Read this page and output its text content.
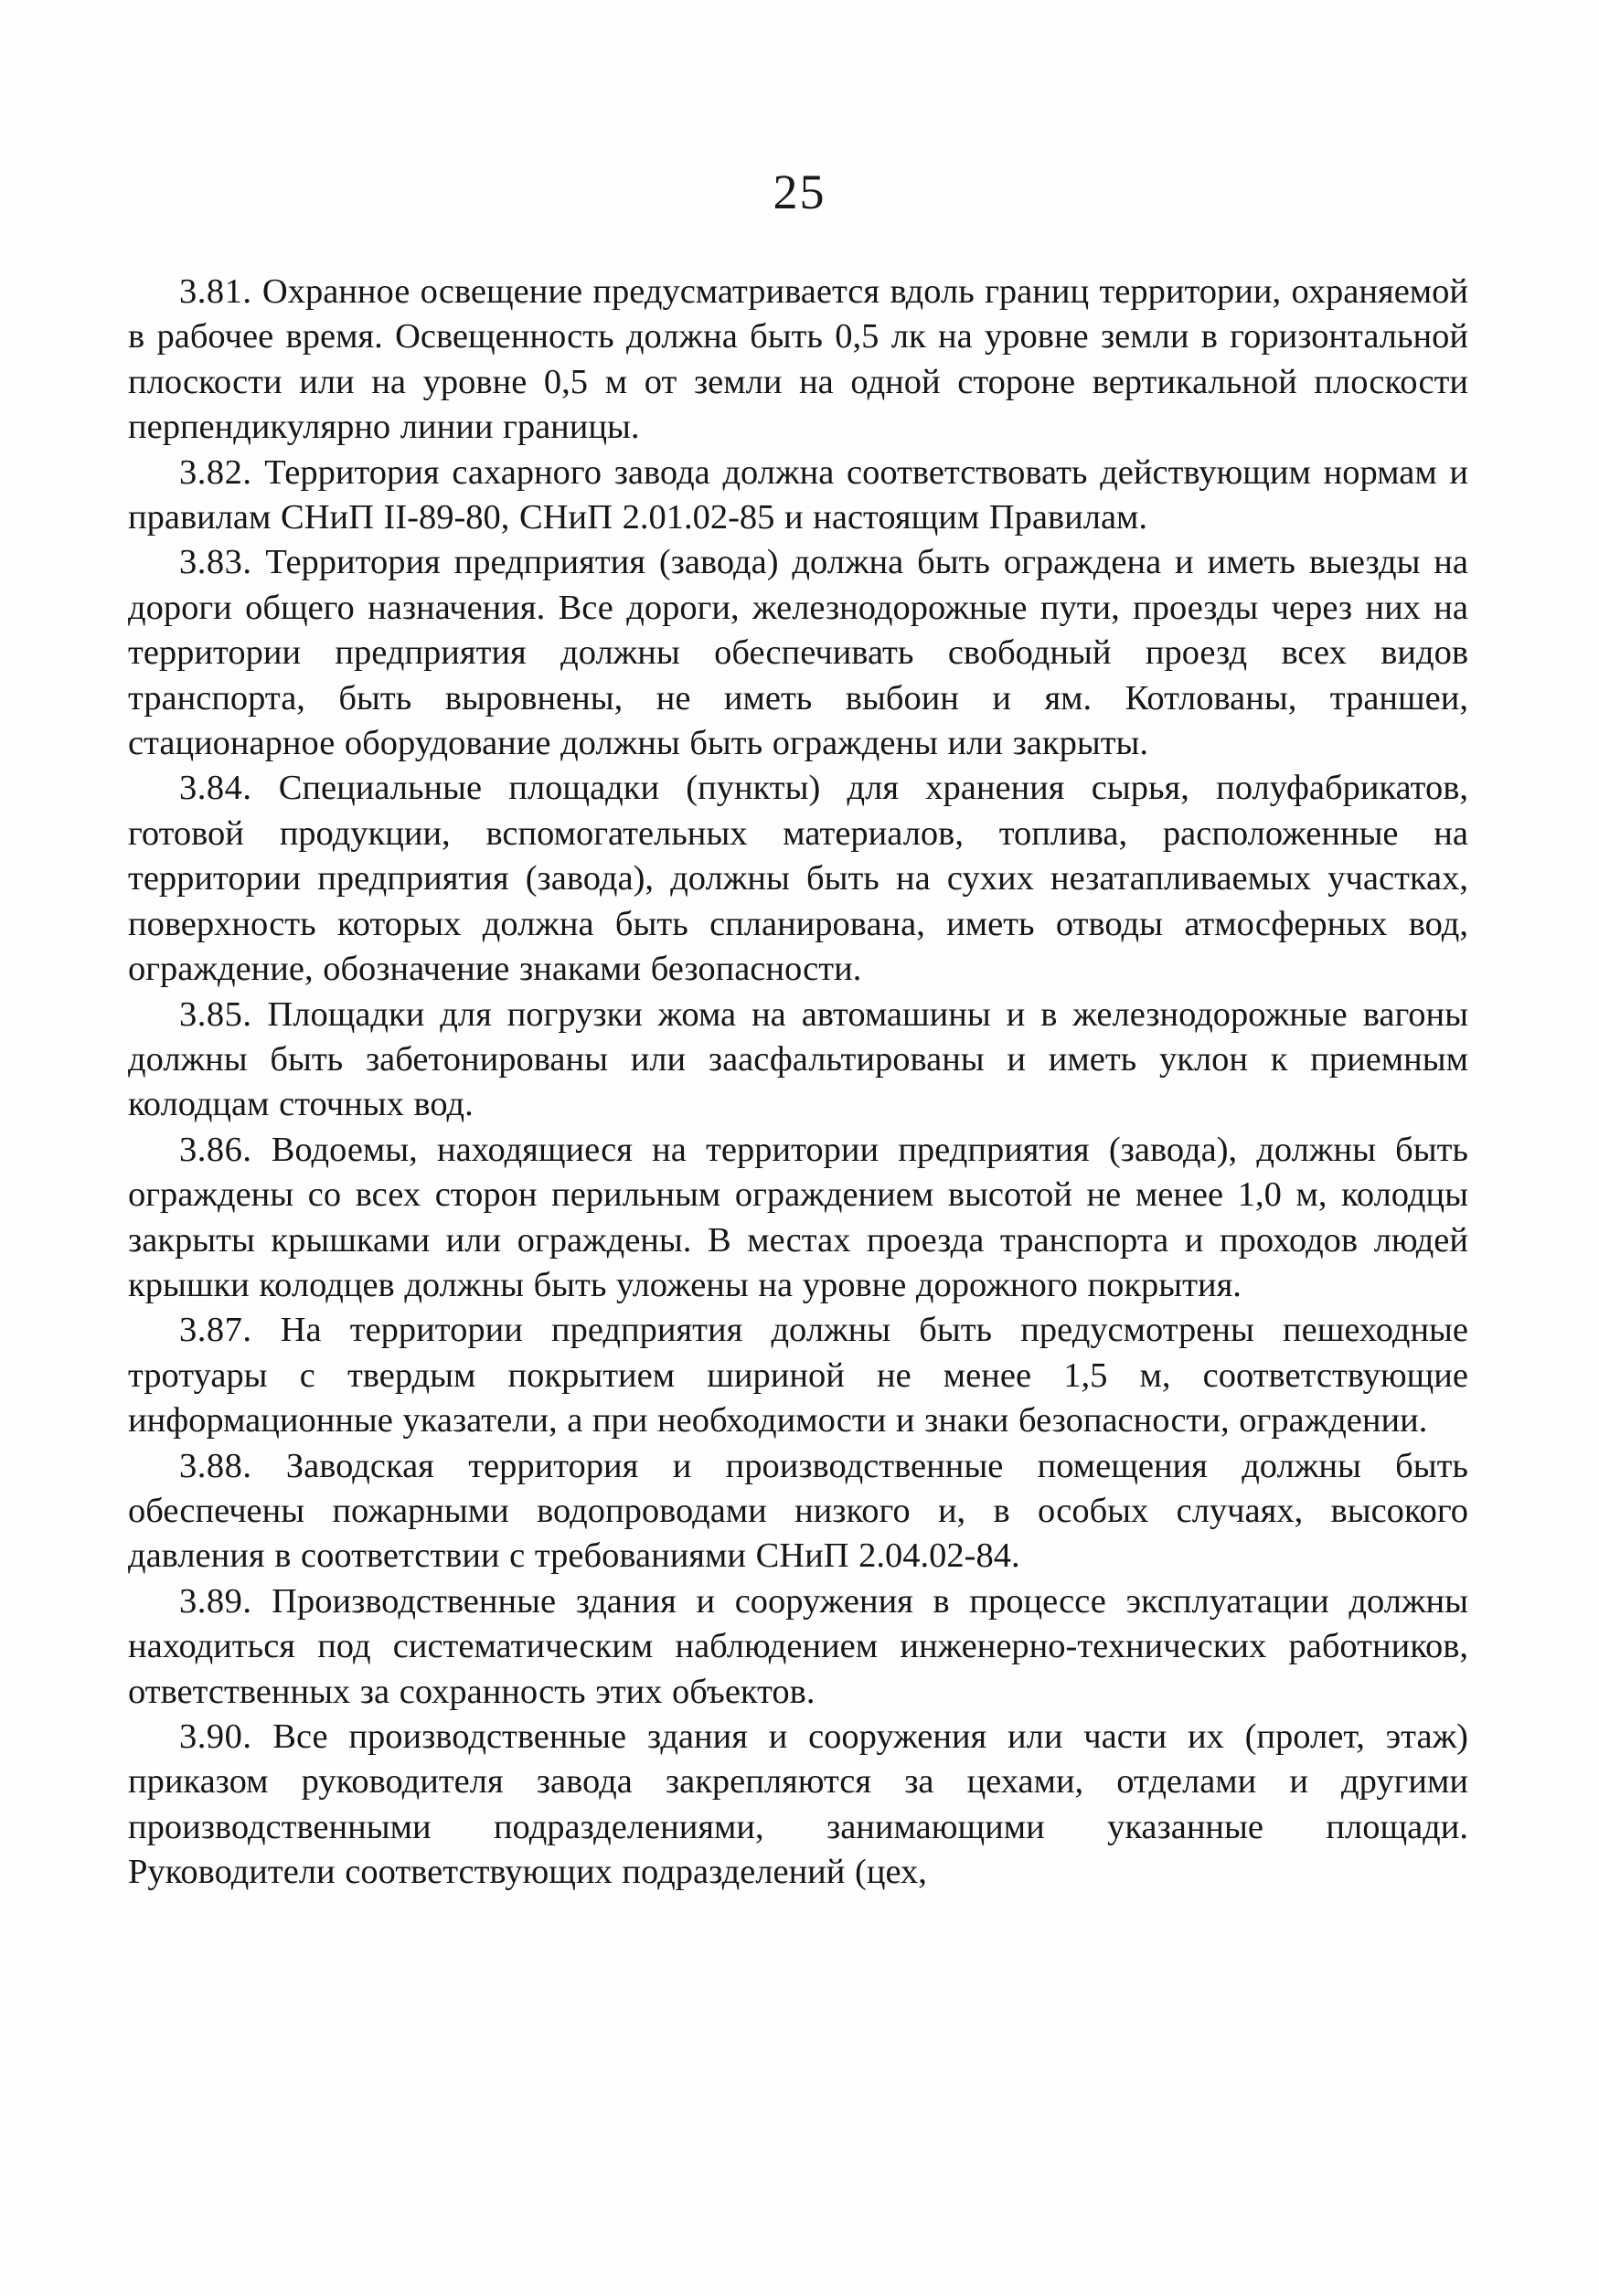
25

3.81. Охранное освещение предусматривается вдоль границ территории, охраняемой в рабочее время. Освещенность должна быть 0,5 лк на уровне земли в горизонтальной плоскости или на уровне 0,5 м от земли на одной стороне вертикальной плоскости перпендикулярно линии границы.

3.82. Территория сахарного завода должна соответствовать действующим нормам и правилам СНиП II-89-80, СНиП 2.01.02-85 и настоящим Правилам.

3.83. Территория предприятия (завода) должна быть ограждена и иметь выезды на дороги общего назначения. Все дороги, железнодорожные пути, проезды через них на территории предприятия должны обеспечивать свободный проезд всех видов транспорта, быть выровнены, не иметь выбоин и ям. Котлованы, траншеи, стационарное оборудование должны быть ограждены или закрыты.

3.84. Специальные площадки (пункты) для хранения сырья, полуфабрикатов, готовой продукции, вспомогательных материалов, топлива, расположенные на территории предприятия (завода), должны быть на сухих незатапливаемых участках, поверхность которых должна быть спланирована, иметь отводы атмосферных вод, ограждение, обозначение знаками безопасности.

3.85. Площадки для погрузки жома на автомашины и в железнодорожные вагоны должны быть забетонированы или заасфальтированы и иметь уклон к приемным колодцам сточных вод.

3.86. Водоемы, находящиеся на территории предприятия (завода), должны быть ограждены со всех сторон перильным ограждением высотой не менее 1,0 м, колодцы закрыты крышками или ограждены. В местах проезда транспорта и проходов людей крышки колодцев должны быть уложены на уровне дорожного покрытия.

3.87. На территории предприятия должны быть предусмотрены пешеходные тротуары с твердым покрытием шириной не менее 1,5 м, соответствующие информационные указатели, а при необходимости и знаки безопасности, ограждении.

3.88. Заводская территория и производственные помещения должны быть обеспечены пожарными водопроводами низкого и, в особых случаях, высокого давления в соответствии с требованиями СНиП 2.04.02-84.

3.89. Производственные здания и сооружения в процессе эксплуатации должны находиться под систематическим наблюдением инженерно-технических работников, ответственных за сохранность этих объектов.

3.90. Все производственные здания и сооружения или части их (пролет, этаж) приказом руководителя завода закрепляются за цехами, отделами и другими производственными подразделениями, занимающими указанные площади. Руководители соответствующих подразделений (цех,
